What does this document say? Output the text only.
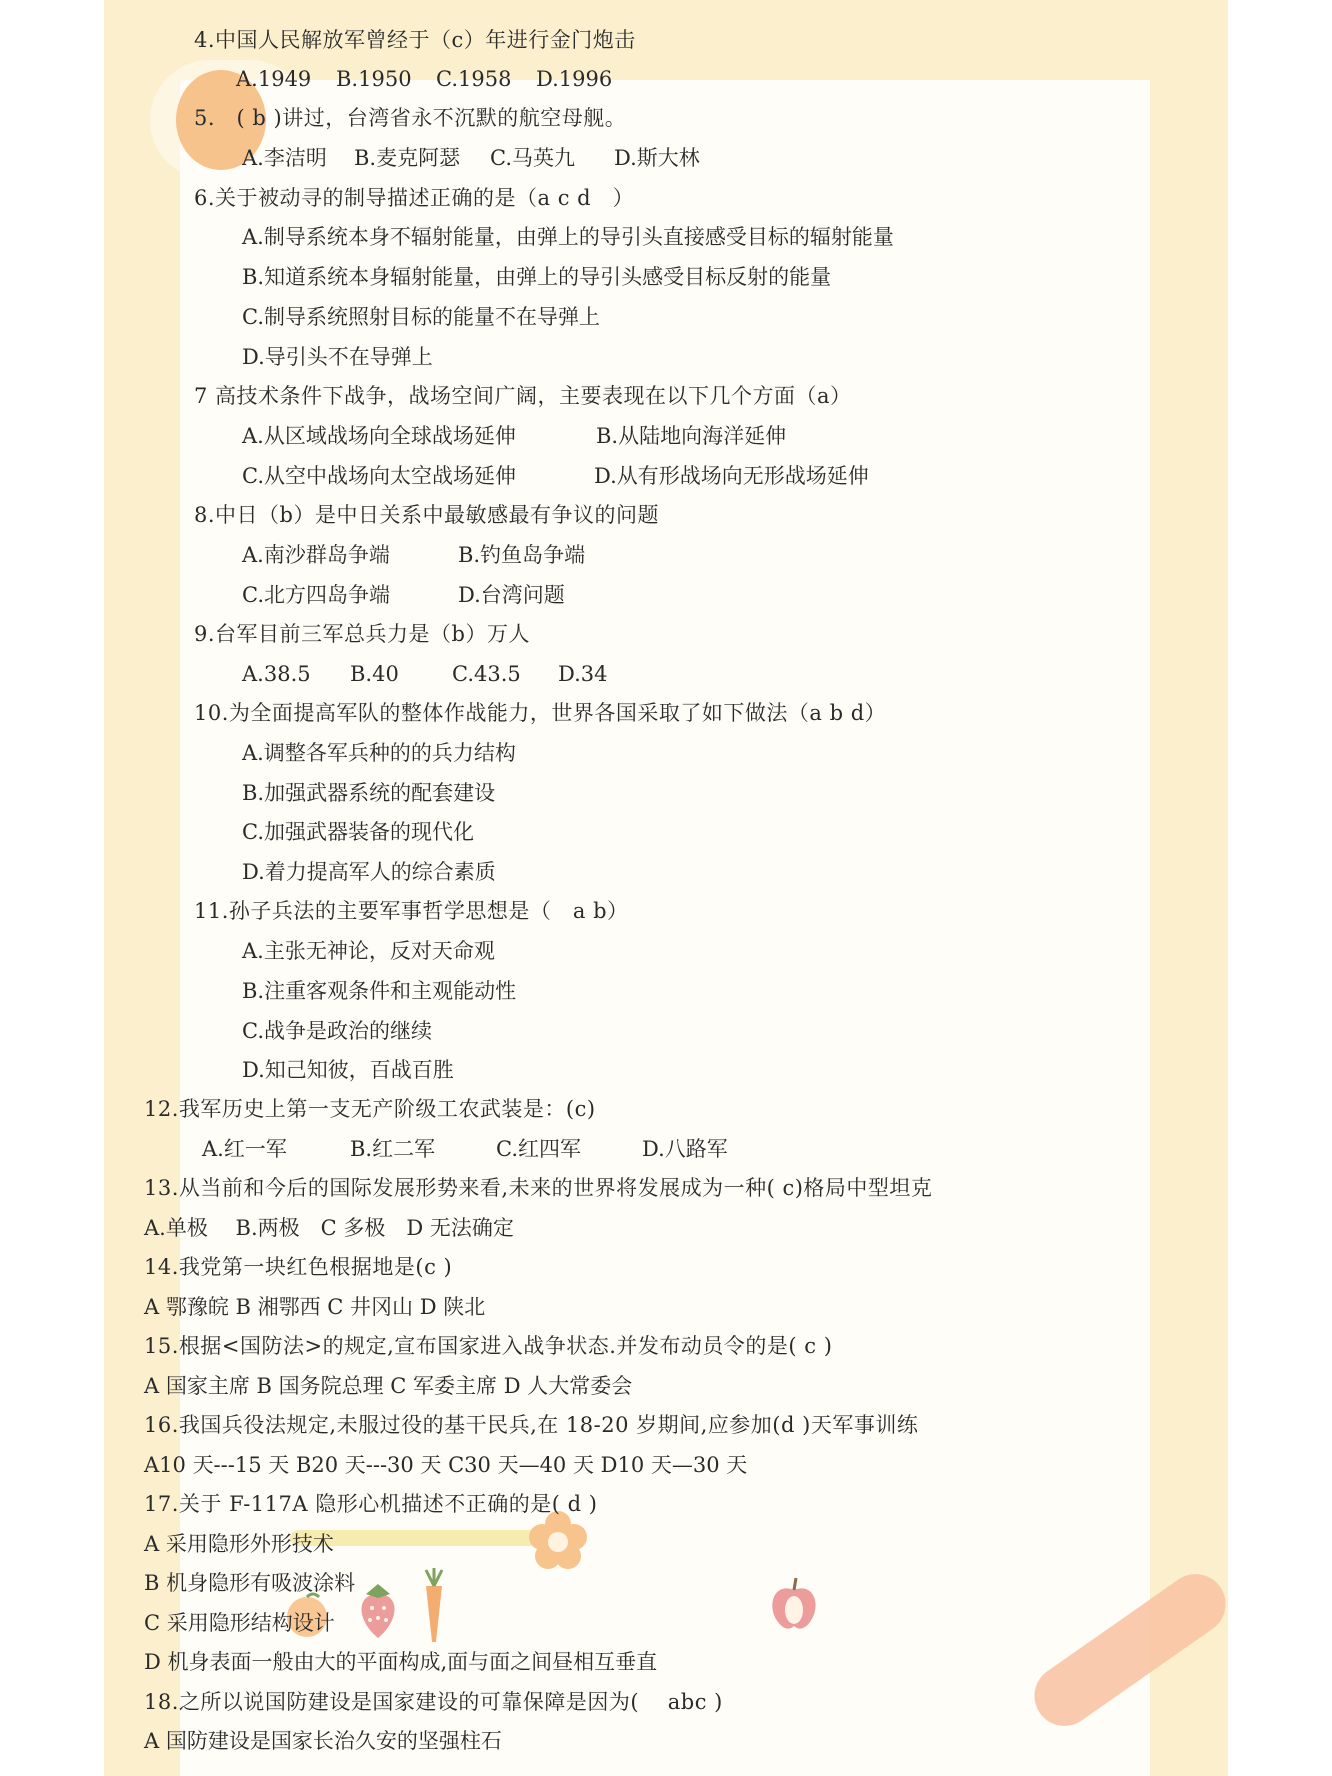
4.中国人民解放军曾经于（c）年进行金门炮击
A.1949 B.1950 C.1958 D.1996
5.　( b )讲过，台湾省永不沉默的航空母舰。
A.李洁明 B.麦克阿瑟 C.马英九 D.斯大林
6.关于被动寻的制导描述正确的是（a c d　）
A.制导系统本身不辐射能量，由弹上的导引头直接感受目标的辐射能量
B.知道系统本身辐射能量，由弹上的导引头感受目标反射的能量
C.制导系统照射目标的能量不在导弹上
D.导引头不在导弹上
7 高技术条件下战争，战场空间广阔，主要表现在以下几个方面（a）
A.从区域战场向全球战场延伸	B.从陆地向海洋延伸
C.从空中战场向太空战场延伸	D.从有形战场向无形战场延伸
8.中日（b）是中日关系中最敏感最有争议的问题
A.南沙群岛争端	B.钓鱼岛争端
C.北方四岛争端	D.台湾问题
9.台军目前三军总兵力是（b）万人
A.38.5 B.40	C.43.5 D.34
10.为全面提高军队的整体作战能力，世界各国采取了如下做法（a b d）
A.调整各军兵种的的兵力结构
B.加强武器系统的配套建设
C.加强武器装备的现代化
D.着力提高军人的综合素质
11.孙子兵法的主要军事哲学思想是（　a b）
A.主张无神论，反对天命观
B.注重客观条件和主观能动性
C.战争是政治的继续
D.知己知彼，百战百胜
12.我军历史上第一支无产阶级工农武装是：(c)
A.红一军	B.红二军	C.红四军	D.八路军
13.从当前和今后的国际发展形势来看,未来的世界将发展成为一种( c)格局中型坦克
A.单极　 B.两极　C 多极　D 无法确定
14.我党第一块红色根据地是(c )
A 鄂豫皖 B 湘鄂西 C 井冈山 D 陕北
15.根据<国防法>的规定,宣布国家进入战争状态.并发布动员令的是( c )
A 国家主席 B 国务院总理 C 军委主席 D 人大常委会
16.我国兵役法规定,未服过役的基干民兵,在 18-20 岁期间,应参加(d )天军事训练
A10 天---15 天 B20 天---30 天 C30 天—40 天 D10 天—30 天
17.关于 F-117A 隐形心机描述不正确的是( d )
A 采用隐形外形技术
B 机身隐形有吸波涂料
C 采用隐形结构设计
D 机身表面一般由大的平面构成,面与面之间昼相互垂直
18.之所以说国防建设是国家建设的可靠保障是因为(　 abc )
A 国防建设是国家长治久安的坚强柱石
